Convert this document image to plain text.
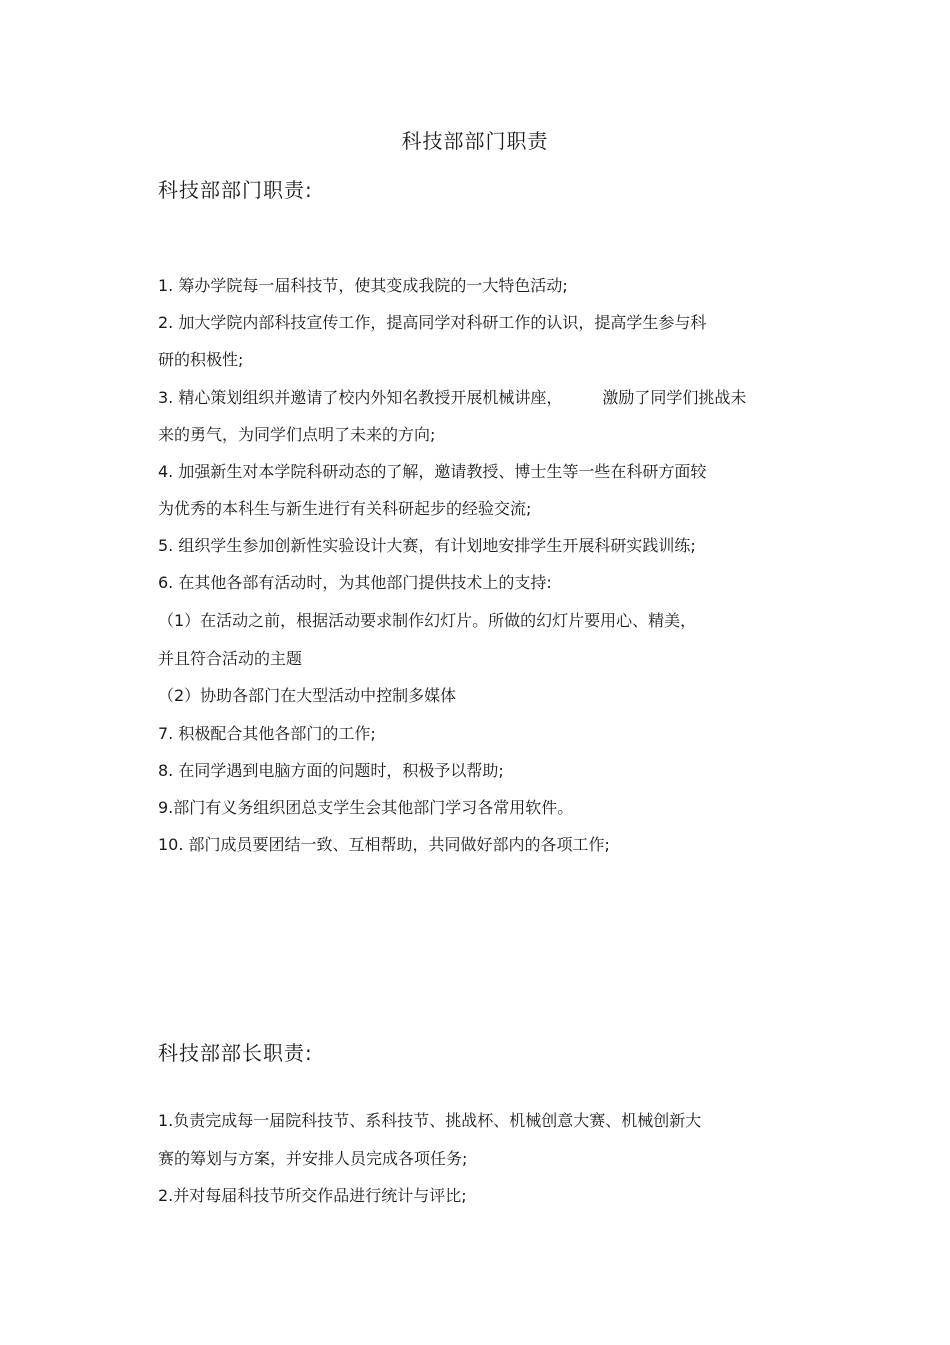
科技部部门职责
科技部部门职责:
1. 筹办学院每一届科技节，使其变成我院的一大特色活动;
2. 加大学院内部科技宣传工作，提高同学对科研工作的认识，提高学生参与科
研的积极性;
3. 精心策划组织并邀请了校内外知名教授开展机械讲座，	激励了同学们挑战未
来的勇气，为同学们点明了未来的方向;
4. 加强新生对本学院科研动态的了解，邀请教授、博士生等一些在科研方面较
为优秀的本科生与新生进行有关科研起步的经验交流;
5. 组织学生参加创新性实验设计大赛，有计划地安排学生开展科研实践训练;
6. 在其他各部有活动时，为其他部门提供技术上的支持:
（1）在活动之前，根据活动要求制作幻灯片。所做的幻灯片要用心、精美，
并且符合活动的主题
（2）协助各部门在大型活动中控制多媒体
7. 积极配合其他各部门的工作;
8. 在同学遇到电脑方面的问题时，积极予以帮助;
9.部门有义务组织团总支学生会其他部门学习各常用软件。
10. 部门成员要团结一致、互相帮助，共同做好部内的各项工作;
科技部部长职责:
1.负责完成每一届院科技节、系科技节、挑战杯、机械创意大赛、机械创新大
赛的筹划与方案，并安排人员完成各项任务;
2.并对每届科技节所交作品进行统计与评比;
